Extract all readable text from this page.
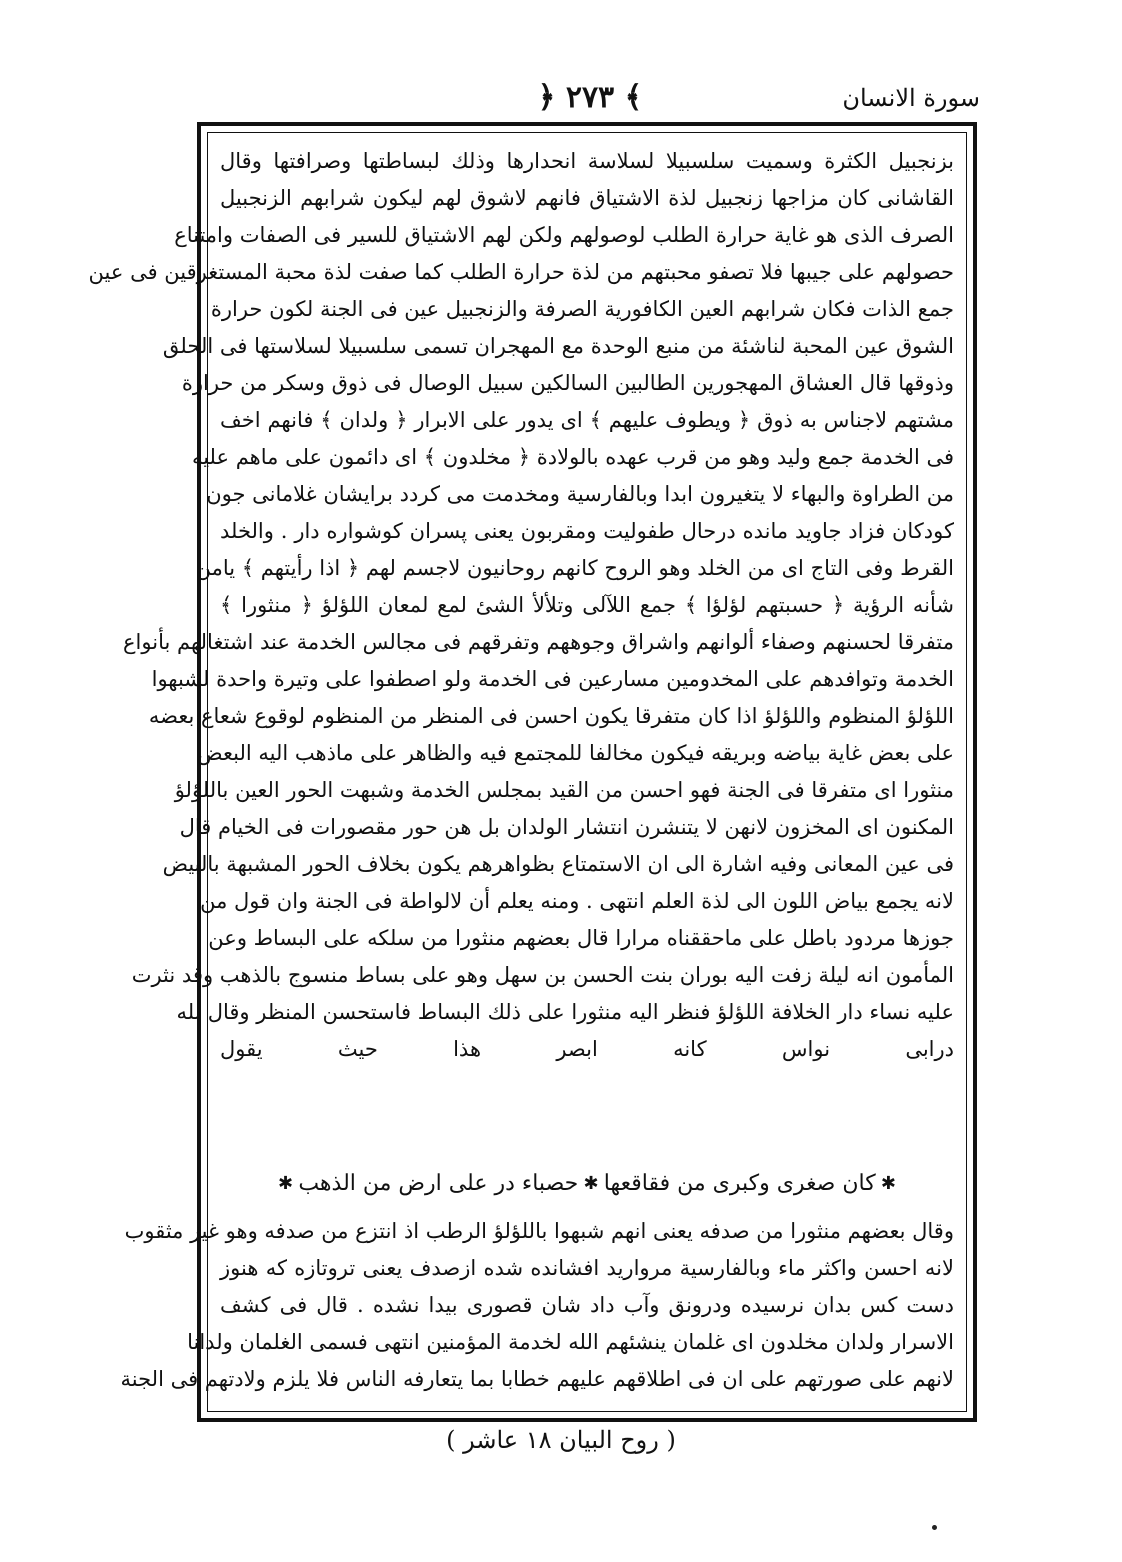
﴿ ٢٧٣ ﴾	سورة الانسان

بزنجبيل الكثرة وسميت سلسبيلا لسلاسة انحدارها وذلك لبساطتها وصرافتها وقال

القاشانى كان مزاجها زنجبيل لذة الاشتياق فانهم لاشوق لهم ليكون شرابهم الزنجبيل

الصرف الذى هو غاية حرارة الطلب لوصولهم ولكن لهم الاشتياق للسير فى الصفات وامتناع

حصولهم على جيبها فلا تصفو محبتهم من لذة حرارة الطلب كما صفت لذة محبة المستغرقين فى عين

جمع الذات فكان شرابهم العين الكافورية الصرفة والزنجبيل عين فى الجنة لكون حرارة

الشوق عين المحبة لناشئة من منبع الوحدة مع المهجران تسمى سلسبيلا لسلاستها فى الحلق

وذوقها قال العشاق المهجورين الطالبين السالكين سبيل الوصال فى ذوق وسكر من حرارة

مشتهم لاجناس به ذوق ﴿ ويطوف عليهم ﴾ اى يدور على الابرار ﴿ ولدان ﴾ فانهم اخف

فى الخدمة جمع وليد وهو من قرب عهده بالولادة ﴿ مخلدون ﴾ اى دائمون على ماهم عليه

من الطراوة والبهاء لا يتغيرون ابدا وبالفارسية ومخدمت مى كردد برايشان غلامانى جون

كودكان فزاد جاويد مانده درحال طفوليت ومقربون يعنى پسران كوشواره دار . والخلد

القرط وفى التاج اى من الخلد وهو الروح كانهم روحانيون لاجسم لهم ﴿ اذا رأيتهم ﴾ يامن

شأنه الرؤية ﴿ حسبتهم لؤلؤا ﴾ جمع اللآلى وتلألأ الشئ لمع لمعان اللؤلؤ ﴿ منثورا ﴾

متفرقا لحسنهم وصفاء ألوانهم واشراق وجوههم وتفرقهم فى مجالس الخدمة عند اشتغالهم بأنواع

الخدمة وتوافدهم على المخدومين مسارعين فى الخدمة ولو اصطفوا على وتيرة واحدة لشبهوا

اللؤلؤ المنظوم واللؤلؤ اذا كان متفرقا يكون احسن فى المنظر من المنظوم لوقوع شعاع بعضه

على بعض غاية بياضه وبريقه فيكون مخالفا للمجتمع فيه والظاهر على ماذهب اليه البعض

منثورا اى متفرقا فى الجنة فهو احسن من القيد بمجلس الخدمة وشبهت الحور العين باللؤلؤ

المكنون اى المخزون لانهن لا يتنشرن انتشار الولدان بل هن حور مقصورات فى الخيام قال

فى عين المعانى وفيه اشارة الى ان الاستمتاع بظواهرهم يكون بخلاف الحور المشبهة بالبيض

لانه يجمع بياض اللون الى لذة العلم انتهى . ومنه يعلم أن لالواطة فى الجنة وان قول من

جوزها مردود باطل على ماحققناه مرارا قال بعضهم منثورا من سلكه على البساط وعن

المأمون انه ليلة زفت اليه بوران بنت الحسن بن سهل وهو على بساط منسوج بالذهب وقد نثرت

عليه نساء دار الخلافة اللؤلؤ فنظر اليه منثورا على ذلك البساط فاستحسن المنظر وقال لله

درابى نواس كانه ابصر هذا حيث يقول

✱
كان صغرى وكبرى من فقاقعها
✱
حصباء در على ارض من الذهب
✱

وقال بعضهم منثورا من صدفه يعنى انهم شبهوا باللؤلؤ الرطب اذ انتزع من صدفه وهو غير مثقوب

لانه احسن واكثر ماء وبالفارسية مرواريد افشانده شده ازصدف يعنى تروتازه كه هنوز

دست كس بدان نرسيده ودرونق وآب داد شان قصورى بيدا نشده . قال فى كشف

الاسرار ولدان مخلدون اى غلمان ينشئهم الله لخدمة المؤمنين انتهى فسمى الغلمان ولدانا

لانهم على صورتهم على ان فى اطلاقهم عليهم خطابا بما يتعارفه الناس فلا يلزم ولادتهم فى الجنة

( روح البيان ١٨ عاشر )
